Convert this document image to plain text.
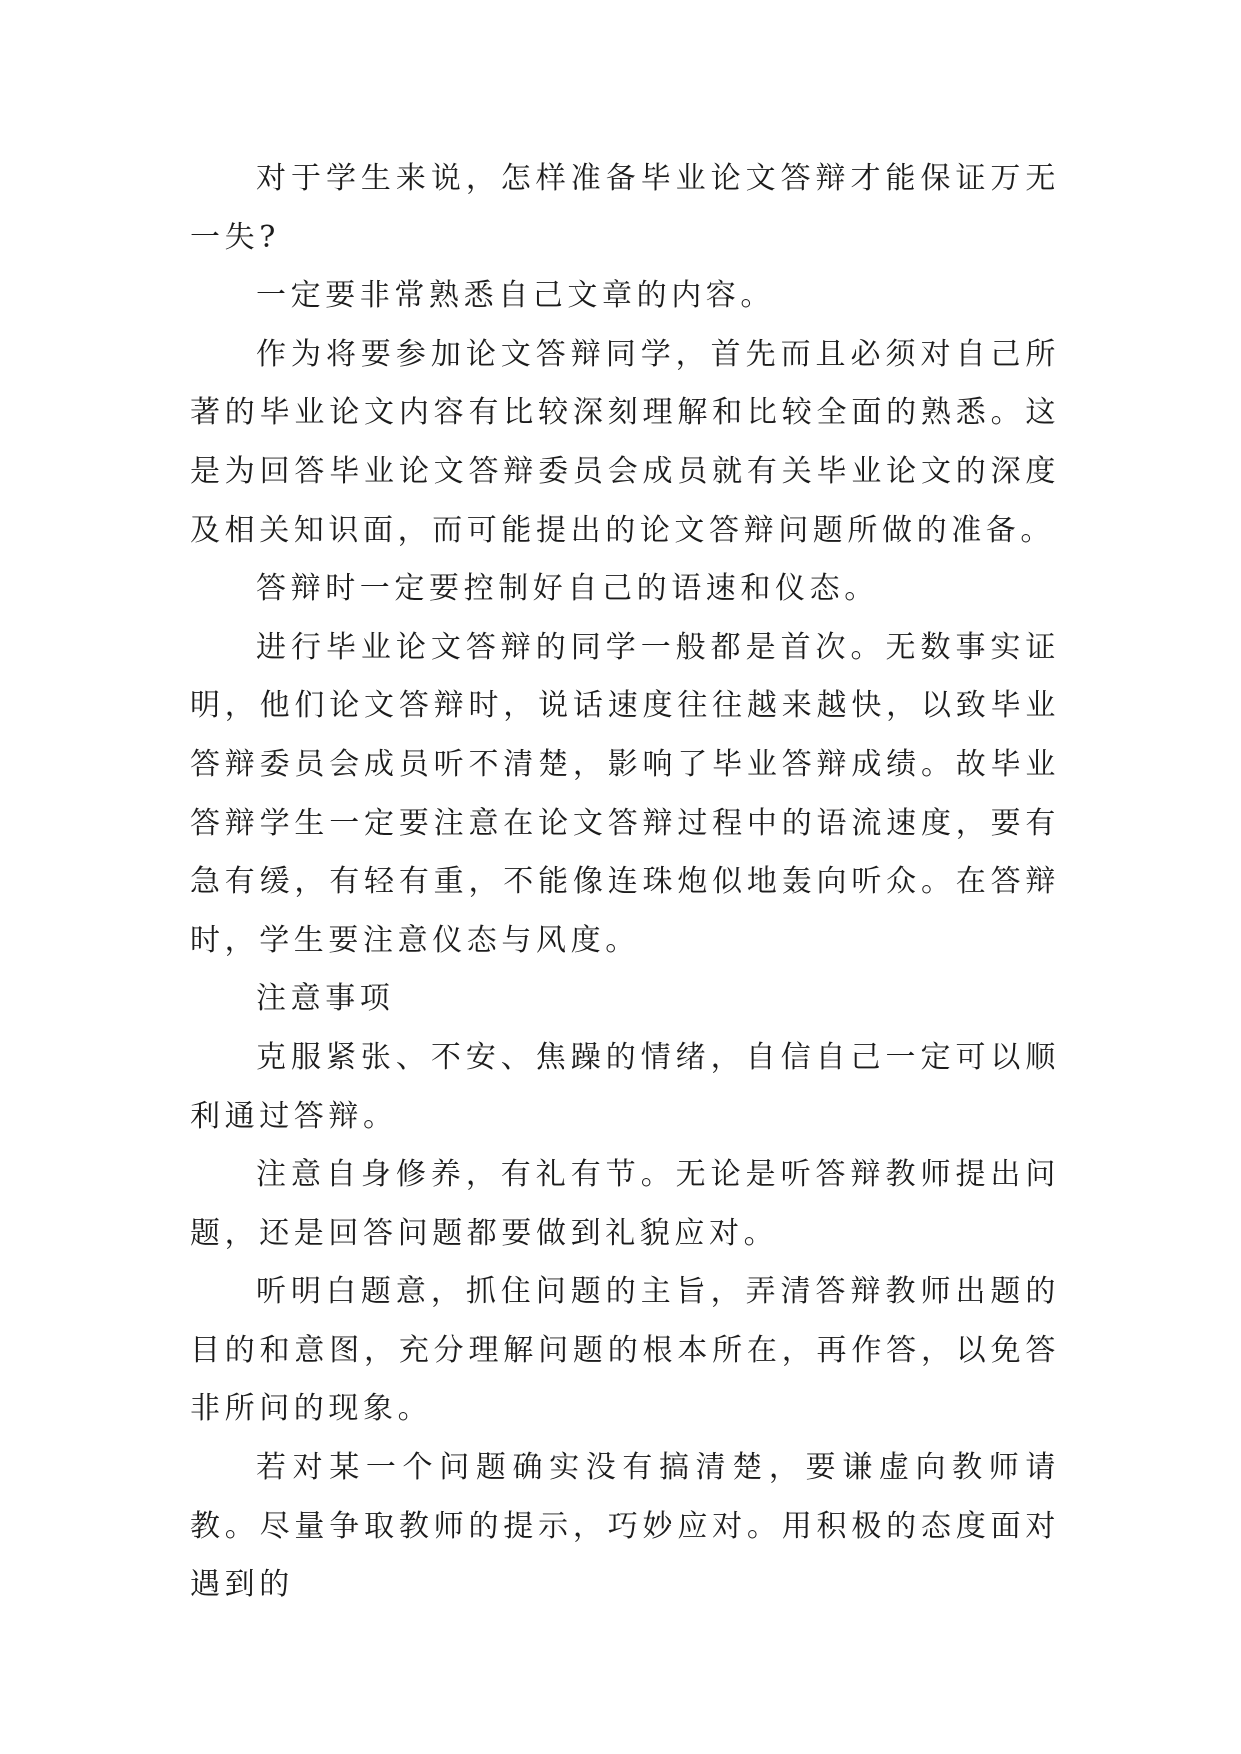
对于学生来说，怎样准备毕业论文答辩才能保证万无一失?

一定要非常熟悉自己文章的内容。

作为将要参加论文答辩同学，首先而且必须对自己所著的毕业论文内容有比较深刻理解和比较全面的熟悉。这是为回答毕业论文答辩委员会成员就有关毕业论文的深度及相关知识面，而可能提出的论文答辩问题所做的准备。

答辩时一定要控制好自己的语速和仪态。

进行毕业论文答辩的同学一般都是首次。无数事实证明，他们论文答辩时，说话速度往往越来越快，以致毕业答辩委员会成员听不清楚，影响了毕业答辩成绩。故毕业答辩学生一定要注意在论文答辩过程中的语流速度，要有急有缓，有轻有重，不能像连珠炮似地轰向听众。在答辩时，学生要注意仪态与风度。

注意事项

克服紧张、不安、焦躁的情绪，自信自己一定可以顺利通过答辩。

注意自身修养，有礼有节。无论是听答辩教师提出问题，还是回答问题都要做到礼貌应对。

听明白题意，抓住问题的主旨，弄清答辩教师出题的目的和意图，充分理解问题的根本所在，再作答，以免答非所问的现象。

若对某一个问题确实没有搞清楚，要谦虚向教师请教。尽量争取教师的提示，巧妙应对。用积极的态度面对遇到的
